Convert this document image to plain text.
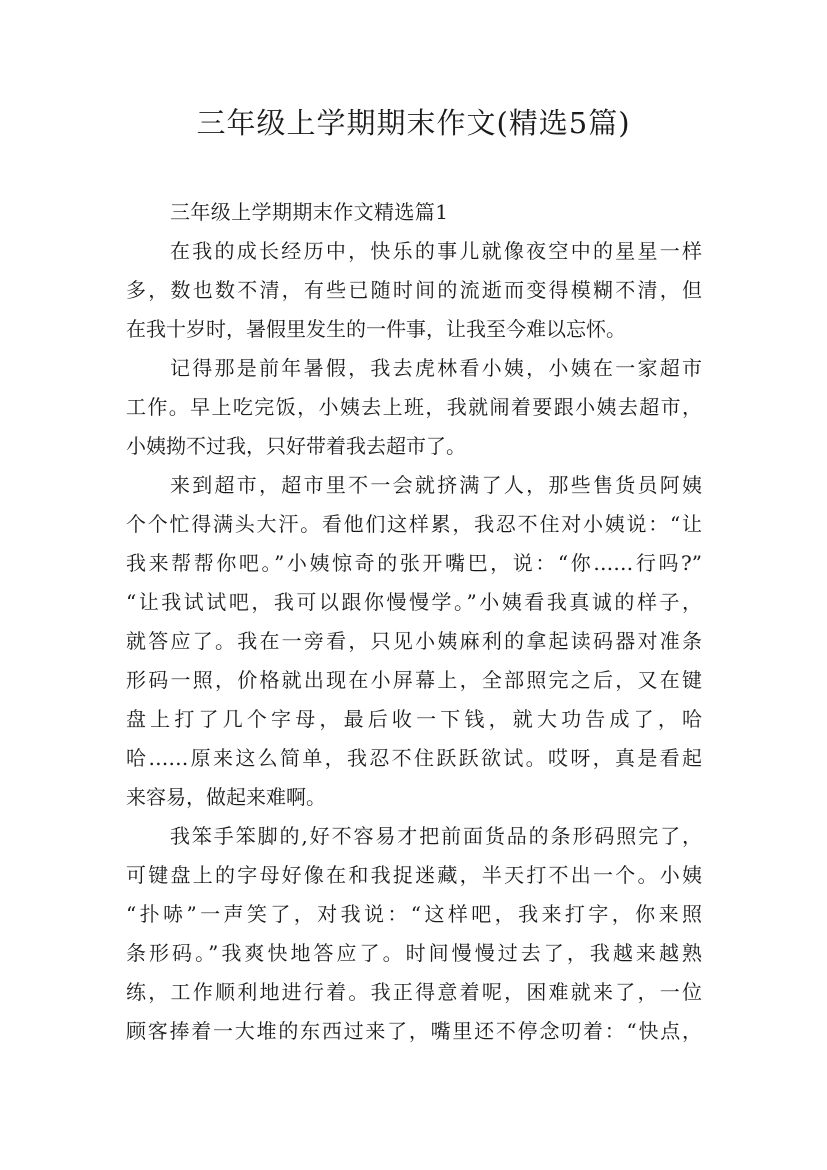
三年级上学期期末作文(精选5篇)

三年级上学期期末作文精选篇1

在我的成长经历中，快乐的事儿就像夜空中的星星一样
多，数也数不清，有些已随时间的流逝而变得模糊不清，但
在我十岁时，暑假里发生的一件事，让我至今难以忘怀。

记得那是前年暑假，我去虎林看小姨，小姨在一家超市
工作。早上吃完饭，小姨去上班，我就闹着要跟小姨去超市，
小姨拗不过我，只好带着我去超市了。

来到超市，超市里不一会就挤满了人，那些售货员阿姨
个个忙得满头大汗。看他们这样累，我忍不住对小姨说：“让
我来帮帮你吧。”小姨惊奇的张开嘴巴，说：“你……行吗?”
“让我试试吧，我可以跟你慢慢学。”小姨看我真诚的样子，
就答应了。我在一旁看，只见小姨麻利的拿起读码器对准条
形码一照，价格就出现在小屏幕上，全部照完之后，又在键
盘上打了几个字母，最后收一下钱，就大功告成了，哈
哈……原来这么简单，我忍不住跃跃欲试。哎呀，真是看起
来容易，做起来难啊。

我笨手笨脚的,好不容易才把前面货品的条形码照完了，
可键盘上的字母好像在和我捉迷藏，半天打不出一个。小姨
“扑哧”一声笑了，对我说：“这样吧，我来打字，你来照
条形码。”我爽快地答应了。时间慢慢过去了，我越来越熟
练，工作顺利地进行着。我正得意着呢，困难就来了，一位
顾客捧着一大堆的东西过来了，嘴里还不停念叨着：“快点，
